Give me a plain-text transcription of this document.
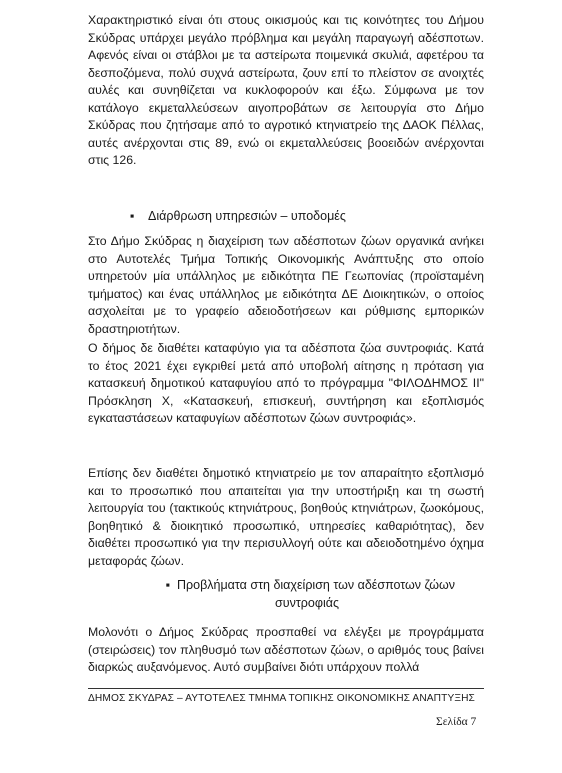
Χαρακτηριστικό είναι ότι στους οικισμούς και τις κοινότητες του Δήμου Σκύδρας υπάρχει μεγάλο πρόβλημα και μεγάλη παραγωγή αδέσποτων. Αφενός είναι οι στάβλοι με τα αστείρωτα ποιμενικά σκυλιά, αφετέρου τα δεσποζόμενα, πολύ συχνά αστείρωτα, ζουν επί το πλείστον σε ανοιχτές αυλές και συνηθίζεται να κυκλοφορούν και έξω. Σύμφωνα με τον κατάλογο εκμεταλλεύσεων αιγοπροβάτων σε λειτουργία στο Δήμο Σκύδρας που ζητήσαμε από το αγροτικό κτηνιατρείο της ΔΑΟΚ Πέλλας, αυτές ανέρχονται στις 89, ενώ οι εκμεταλλεύσεις βοοειδών ανέρχονται στις 126.

▪ Διάρθρωση υπηρεσιών – υποδομές

Στο Δήμο Σκύδρας η διαχείριση των αδέσποτων ζώων οργανικά ανήκει στο Αυτοτελές Τμήμα Τοπικής Οικονομικής Ανάπτυξης στο οποίο υπηρετούν μία υπάλληλος με ειδικότητα ΠΕ Γεωπονίας (προϊσταμένη τμήματος) και ένας υπάλληλος με ειδικότητα ΔΕ Διοικητικών, ο οποίος ασχολείται με το γραφείο αδειοδοτήσεων και ρύθμισης εμπορικών δραστηριοτήτων.

Ο δήμος δε διαθέτει καταφύγιο για τα αδέσποτα ζώα συντροφιάς. Κατά το έτος 2021 έχει εγκριθεί μετά από υποβολή αίτησης η πρόταση για κατασκευή δημοτικού καταφυγίου από το πρόγραμμα "ΦΙΛΟΔΗΜΟΣ ΙΙ" Πρόσκληση Χ, «Κατασκευή, επισκευή, συντήρηση και εξοπλισμός εγκαταστάσεων καταφυγίων αδέσποτων ζώων συντροφιάς».

Επίσης δεν διαθέτει δημοτικό κτηνιατρείο με τον απαραίτητο εξοπλισμό και το προσωπικό που απαιτείται για την υποστήριξη και τη σωστή λειτουργία του (τακτικούς κτηνιάτρους, βοηθούς κτηνιάτρων, ζωοκόμους, βοηθητικό & διοικητικό προσωπικό, υπηρεσίες καθαριότητας), δεν διαθέτει προσωπικό για την περισυλλογή ούτε και αδειοδοτημένο όχημα μεταφοράς ζώων.

▪ Προβλήματα στη διαχείριση των αδέσποτων ζώων συντροφιάς

Μολονότι ο Δήμος Σκύδρας προσπαθεί να ελέγξει με προγράμματα (στειρώσεις) τον πληθυσμό των αδέσποτων ζώων, ο αριθμός τους βαίνει διαρκώς αυξανόμενος. Αυτό συμβαίνει διότι υπάρχουν πολλά

ΔΗΜΟΣ ΣΚΥΔΡΑΣ – ΑΥΤΟΤΕΛΕΣ ΤΜΗΜΑ ΤΟΠΙΚΗΣ ΟΙΚΟΝΟΜΙΚΗΣ ΑΝΑΠΤΥΞΗΣ
Σελίδα 7
